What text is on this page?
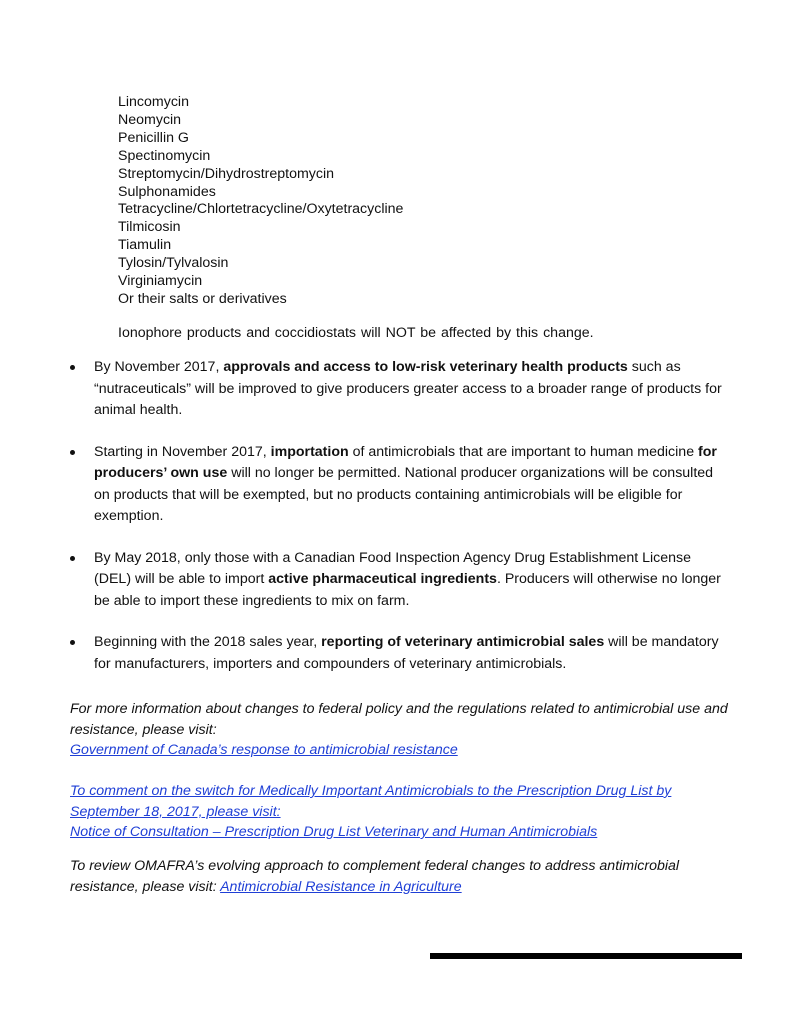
Lincomycin
Neomycin
Penicillin G
Spectinomycin
Streptomycin/Dihydrostreptomycin
Sulphonamides
Tetracycline/Chlortetracycline/Oxytetracycline
Tilmicosin
Tiamulin
Tylosin/Tylvalosin
Virginiamycin
Or their salts or derivatives
Ionophore products and coccidiostats will NOT be affected by this change.
By November 2017, approvals and access to low-risk veterinary health products such as “nutraceuticals” will be improved to give producers greater access to a broader range of products for animal health.
Starting in November 2017, importation of antimicrobials that are important to human medicine for producers’ own use will no longer be permitted. National producer organizations will be consulted on products that will be exempted, but no products containing antimicrobials will be eligible for exemption.
By May 2018, only those with a Canadian Food Inspection Agency Drug Establishment License (DEL) will be able to import active pharmaceutical ingredients. Producers will otherwise no longer be able to import these ingredients to mix on farm.
Beginning with the 2018 sales year, reporting of veterinary antimicrobial sales will be mandatory for manufacturers, importers and compounders of veterinary antimicrobials.
For more information about changes to federal policy and the regulations related to antimicrobial use and resistance, please visit:
Government of Canada’s response to antimicrobial resistance
To comment on the switch for Medically Important Antimicrobials to the Prescription Drug List by September 18, 2017, please visit:
Notice of Consultation – Prescription Drug List Veterinary and Human Antimicrobials
To review OMAFRA’s evolving approach to complement federal changes to address antimicrobial resistance, please visit: Antimicrobial Resistance in Agriculture
